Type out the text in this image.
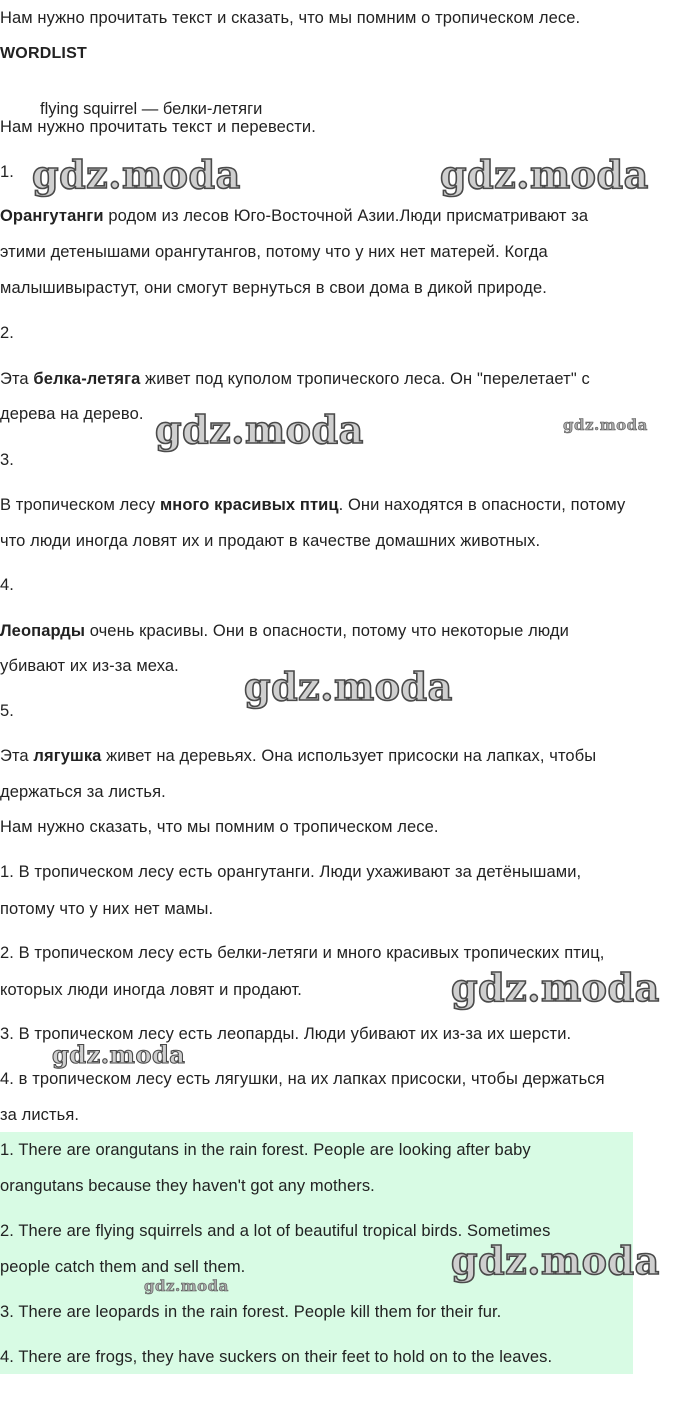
Нам нужно прочитать текст и сказать, что мы помним о тропическом лесе.
WORDLIST
flying squirrel — белки-летяги
Нам нужно прочитать текст и перевести.
1.
Орангутанги родом из лесов Юго-Восточной Азии.Люди присматривают за
этими детенышами орангутангов, потому что у них нет матерей. Когда
малышивырастут, они смогут вернуться в свои дома в дикой природе.
2.
Эта белка-летяга живет под куполом тропического леса. Он "перелетает" с
дерева на дерево.
3.
В тропическом лесу много красивых птиц. Они находятся в опасности, потому
что люди иногда ловят их и продают в качестве домашних животных.
4.
Леопарды очень красивы. Они в опасности, потому что некоторые люди
убивают их из-за меха.
5.
Эта лягушка живет на деревьях. Она использует присоски на лапках, чтобы
держаться за листья.
Нам нужно сказать, что мы помним о тропическом лесе.
1. В тропическом лесу есть орангутанги. Люди ухаживают за детёнышами,
потому что у них нет мамы.
2. В тропическом лесу есть белки-летяги и много красивых тропических птиц,
которых люди иногда ловят и продают.
3. В тропическом лесу есть леопарды. Люди убивают их из-за их шерсти.
4. в тропическом лесу есть лягушки, на их лапках присоски, чтобы держаться
за листья.
1. There are orangutans in the rain forest. People are looking after baby
orangutans because they haven't got any mothers.
2. There are flying squirrels and a lot of beautiful tropical birds. Sometimes
people catch them and sell them.
3. There are leopards in the rain forest. People kill them for their fur.
4. There are frogs, they have suckers on their feet to hold on to the leaves.
gdz.moda	gdz.moda
gdz.moda	gdz.moda
gdz.moda
gdz.moda
gdz.moda
gdz.moda
gdz.moda
